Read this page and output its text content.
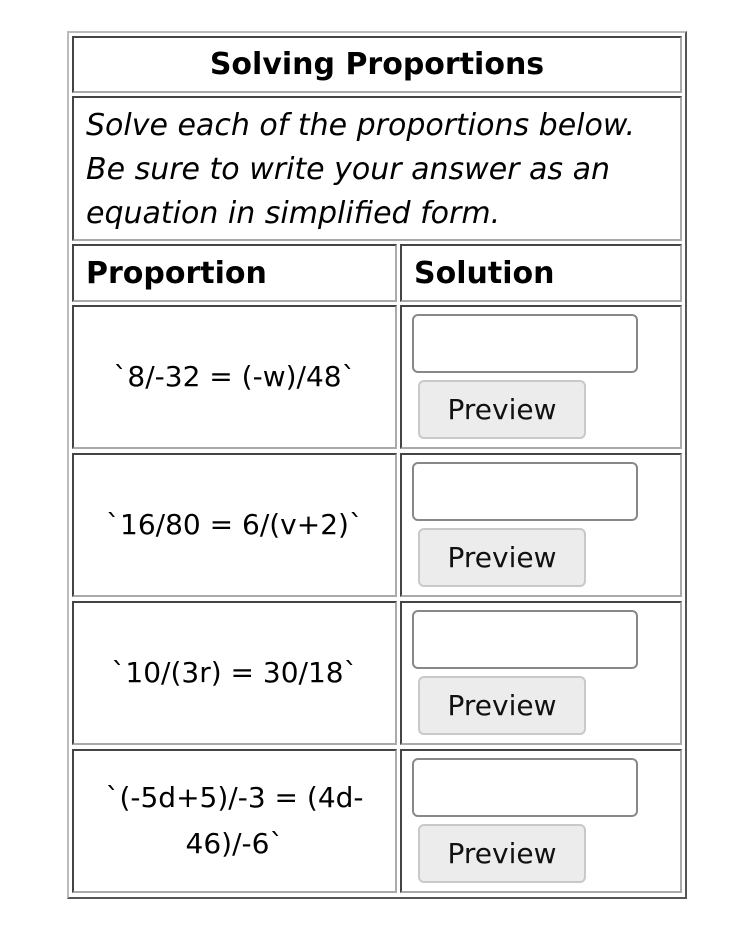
Solving Proportions
Solve each of the proportions below. Be sure to write your answer as an equation in simplified form.
Proportion	Solution
`8/-32 = (-w)/48`
Preview
`16/80 = 6/(v+2)`
Preview
`10/(3r) = 30/18`
Preview
`(-5d+5)/-3 = (4d-46)/-6`	Preview
